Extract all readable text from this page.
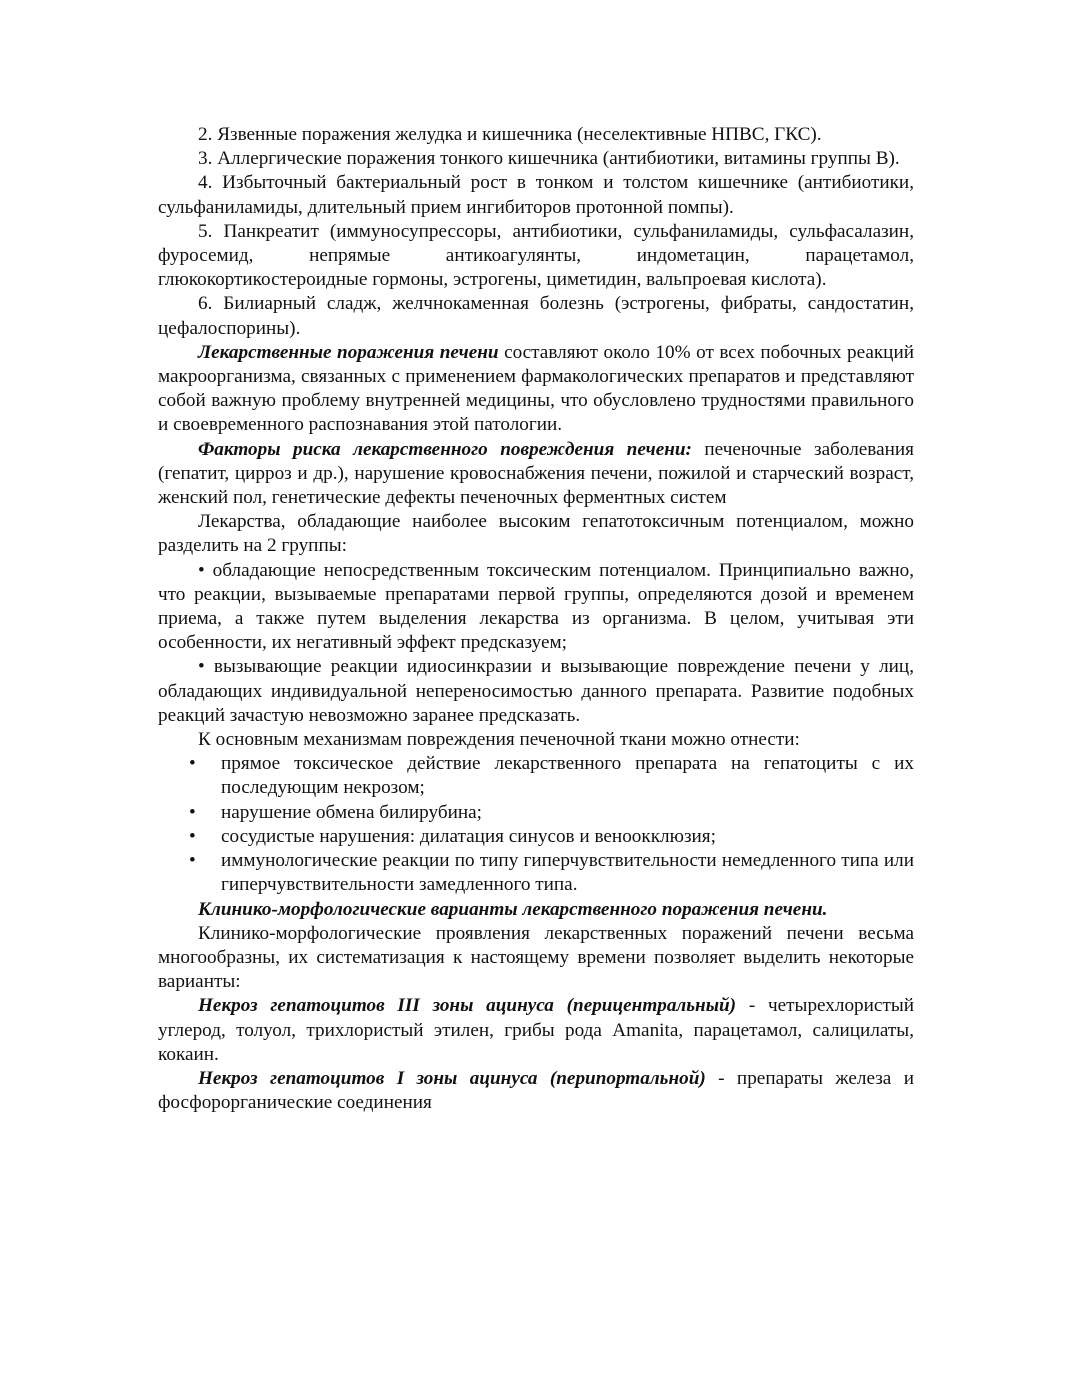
2. Язвенные поражения желудка и кишечника (неселективные НПВС, ГКС).

3. Аллергические поражения тонкого кишечника (антибиотики, витамины группы В).

4. Избыточный бактериальный рост в тонком и толстом кишечнике (антибиотики, сульфаниламиды, длительный прием ингибиторов протонной помпы).

5. Панкреатит (иммуносупрессоры, антибиотики, сульфаниламиды, сульфасалазин, фуросемид, непрямые антикоагулянты, индометацин, парацетамол, глюкокортикостероидные гормоны, эстрогены, циметидин, вальпроевая кислота).

6. Билиарный сладж, желчнокаменная болезнь (эстрогены, фибраты, сандостатин, цефалоспорины).

Лекарственные поражения печени составляют около 10% от всех побочных реакций макроорганизма, связанных с применением фармакологических препаратов и представляют собой важную проблему внутренней медицины, что обусловлено трудностями правильного и своевременного распознавания этой патологии.

Факторы риска лекарственного повреждения печени: печеночные заболевания (гепатит, цирроз и др.), нарушение кровоснабжения печени, пожилой и старческий возраст, женский пол, генетические дефекты печеночных ферментных систем

Лекарства, обладающие наиболее высоким гепатотоксичным потенциалом, можно разделить на 2 группы:

• обладающие непосредственным токсическим потенциалом. Принципиально важно, что реакции, вызываемые препаратами первой группы, определяются дозой и временем приема, а также путем выделения лекарства из организма. В целом, учитывая эти особенности, их негативный эффект предсказуем;

• вызывающие реакции идиосинкразии и вызывающие повреждение печени у лиц, обладающих индивидуальной непереносимостью данного препарата. Развитие подобных реакций зачастую невозможно заранее предсказать.

К основным механизмам повреждения печеночной ткани можно отнести:

• прямое токсическое действие лекарственного препарата на гепатоциты с их последующим некрозом;
• нарушение обмена билирубина;
• сосудистые нарушения: дилатация синусов и веноокклюзия;
• иммунологические реакции по типу гиперчувствительности немедленного типа или гиперчувствительности замедленного типа.

Клинико-морфологические варианты лекарственного поражения печени.

Клинико-морфологические проявления лекарственных поражений печени весьма многообразны, их систематизация к настоящему времени позволяет выделить некоторые варианты:

Некроз гепатоцитов III зоны ацинуса (перицентральный) - четырехлористый углерод, толуол, трихлористый этилен, грибы рода Amanita, парацетамол, салицилаты, кокаин.

Некроз гепатоцитов I зоны ацинуса (перипортальной) - препараты железа и фосфорорганические соединения
